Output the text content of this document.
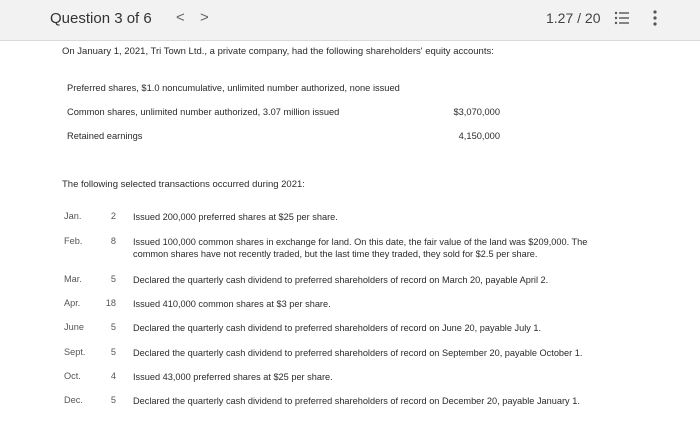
Question 3 of 6 < >	1.27 / 20
On January 1, 2021, Tri Town Ltd., a private company, had the following shareholders' equity accounts:
Preferred shares, $1.0 noncumulative, unlimited number authorized, none issued
Common shares, unlimited number authorized, 3.07 million issued	$3,070,000
Retained earnings	4,150,000
The following selected transactions occurred during 2021:
Jan.	2 Issued 200,000 preferred shares at $25 per share.
Feb.	8 Issued 100,000 common shares in exchange for land. On this date, the fair value of the land was $209,000. The common shares have not recently traded, but the last time they traded, they sold for $2.5 per share.
Mar.	5 Declared the quarterly cash dividend to preferred shareholders of record on March 20, payable April 2.
Apr.	18 Issued 410,000 common shares at $3 per share.
June	5 Declared the quarterly cash dividend to preferred shareholders of record on June 20, payable July 1.
Sept.	5 Declared the quarterly cash dividend to preferred shareholders of record on September 20, payable October 1.
Oct.	4 Issued 43,000 preferred shares at $25 per share.
Dec.	5 Declared the quarterly cash dividend to preferred shareholders of record on December 20, payable January 1.
